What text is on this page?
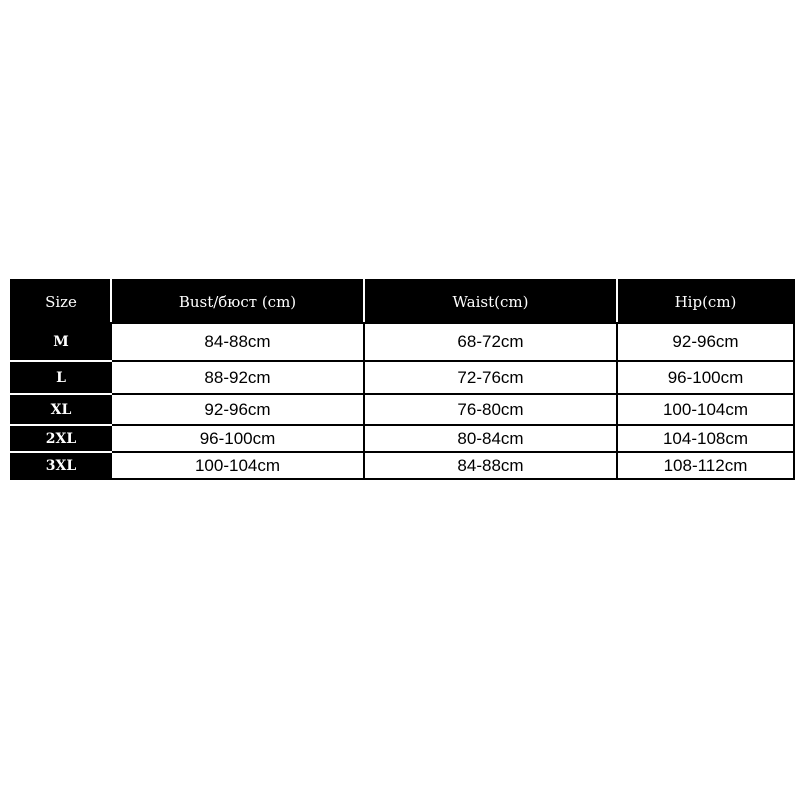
Size	Bust/бюст (cm)	Waist(cm)	Hip(cm)
M	84-88cm	68-72cm	92-96cm
L	88-92cm	72-76cm	96-100cm
XL	92-96cm	76-80cm	100-104cm
2XL	96-100cm	80-84cm	104-108cm
3XL	100-104cm	84-88cm	108-112cm
